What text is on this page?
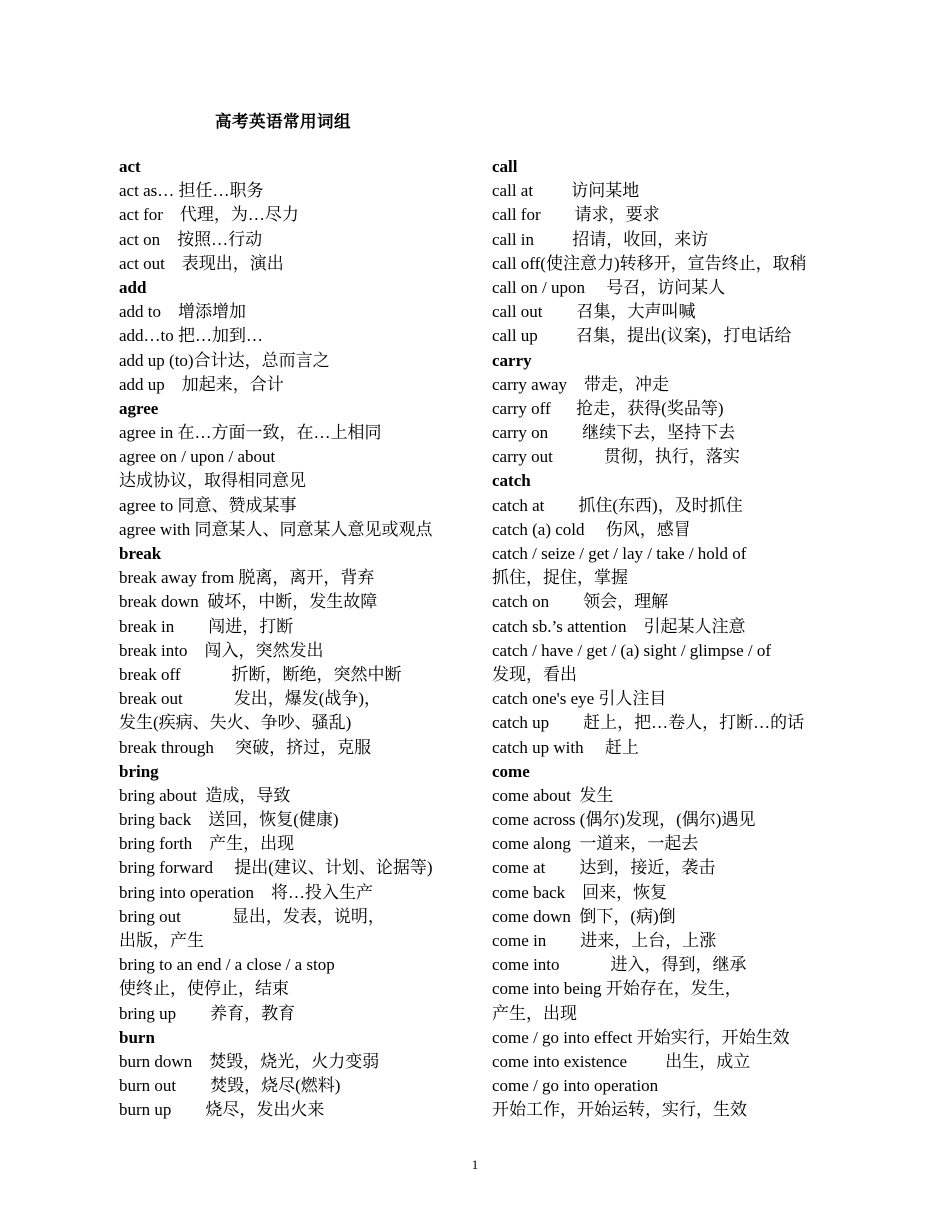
高考英语常用词组
act
act as… 担任…职务
act for　代理，为…尽力
act on　按照…行动
act out　表现出，演出
add
add to　增添增加
add…to 把…加到…
add up (to)合计达，总而言之
add up　加起来，合计
agree
agree in 在…方面一致，在…上相同
agree on / upon / about
达成协议，取得相同意见
agree to 同意、赞成某事
agree with 同意某人、同意某人意见或观点
break
break away from 脱离，离开，背弃
break down  破坏，中断，发生故障
break in　　闯进，打断
break into　闯入，突然发出
break off　　　折断，断绝，突然中断
break out　　　发出，爆发(战争)，
发生(疾病、失火、争吵、骚乱)
break through　 突破，挤过，克服
bring
bring about  造成，导致
bring back　送回，恢复(健康)
bring forth　产生，出现
bring forward　 提出(建议、计划、论据等)
bring into operation　将…投入生产
bring out　　　显出，发表，说明，
出版，产生
bring to an end / a close / a stop
使终止，使停止，结束
bring up　　养育，教育
burn
burn down　焚毁，烧光，火力变弱
burn out　　焚毁，烧尽(燃料)
burn up　　烧尽，发出火来
call
call at　　 访问某地
call for　　请求，要求
call in　　 招请，收回，来访
call off(使注意力)转移开，宣告终止，取稍
call on / upon　 号召，访问某人
call out　　召集，大声叫喊
call up　　 召集，提出(议案)，打电话给
carry
carry away　带走，冲走
carry off　  抢走，获得(奖品等)
carry on　　继续下去，坚持下去
carry out　　　贯彻，执行，落实
catch
catch at　　抓住(东西)，及时抓住
catch (a) cold　 伤风，感冒
catch / seize / get / lay / take / hold of
抓住，捉住，掌握
catch on　　领会，理解
catch sb.’s attention　引起某人注意
catch / have / get / (a) sight / glimpse / of
发现，看出
catch one's eye 引人注目
catch up　　赶上，把…卷人，打断…的话
catch up with　 赶上
come
come about  发生
come across (偶尔)发现，(偶尔)遇见
come along  一道来，一起去
come at　　达到，接近，袭击
come back　回来，恢复
come down  倒下，(病)倒
come in　　进来，上台，上涨
come into　　　进入，得到，继承
come into being 开始存在，发生，
产生，出现
come / go into effect 开始实行，开始生效
come into existence　　 出生，成立
come / go into operation
开始工作，开始运转，实行，生效
1
